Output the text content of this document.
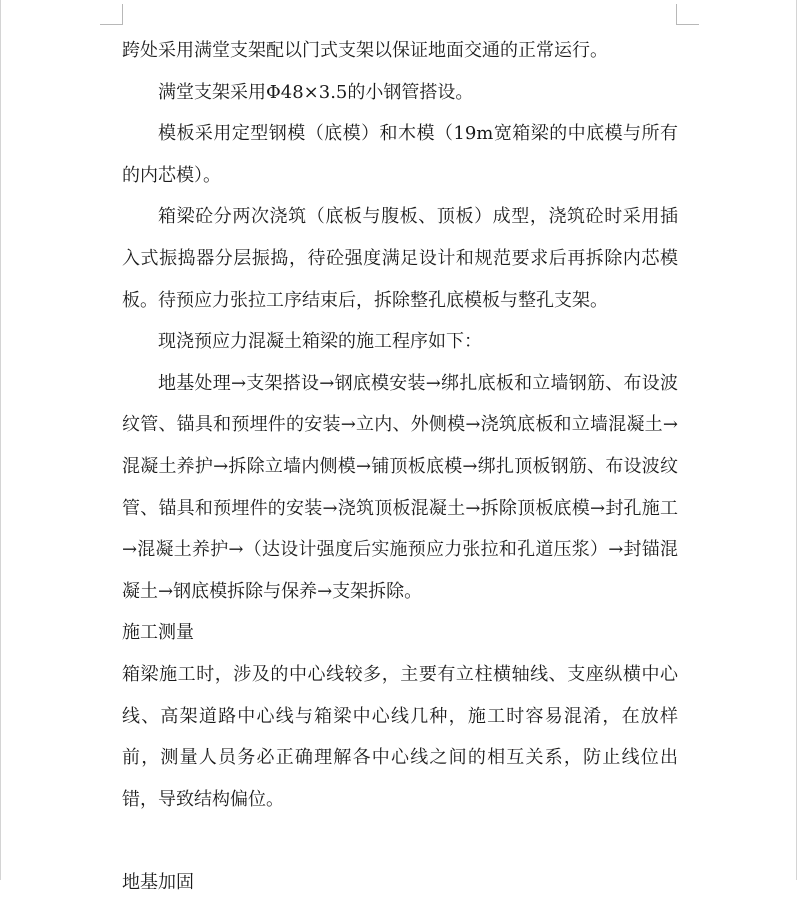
跨处采用满堂支架配以门式支架以保证地面交通的正常运行。

满堂支架采用Φ48×3.5的小钢管搭设。

模板采用定型钢模（底模）和木模（19m宽箱梁的中底模与所有的内芯模）。

箱梁砼分两次浇筑（底板与腹板、顶板）成型，浇筑砼时采用插入式振捣器分层振捣，待砼强度满足设计和规范要求后再拆除内芯模板。待预应力张拉工序结束后，拆除整孔底模板与整孔支架。

现浇预应力混凝土箱梁的施工程序如下：

地基处理→支架搭设→钢底模安装→绑扎底板和立墙钢筋、布设波纹管、锚具和预埋件的安装→立内、外侧模→浇筑底板和立墙混凝土→混凝土养护→拆除立墙内侧模→铺顶板底模→绑扎顶板钢筋、布设波纹管、锚具和预埋件的安装→浇筑顶板混凝土→拆除顶板底模→封孔施工→混凝土养护→（达设计强度后实施预应力张拉和孔道压浆）→封锚混凝土→钢底模拆除与保养→支架拆除。

施工测量

箱梁施工时，涉及的中心线较多，主要有立柱横轴线、支座纵横中心线、高架道路中心线与箱梁中心线几种，施工时容易混淆，在放样前，测量人员务必正确理解各中心线之间的相互关系，防止线位出错，导致结构偏位。

地基加固
